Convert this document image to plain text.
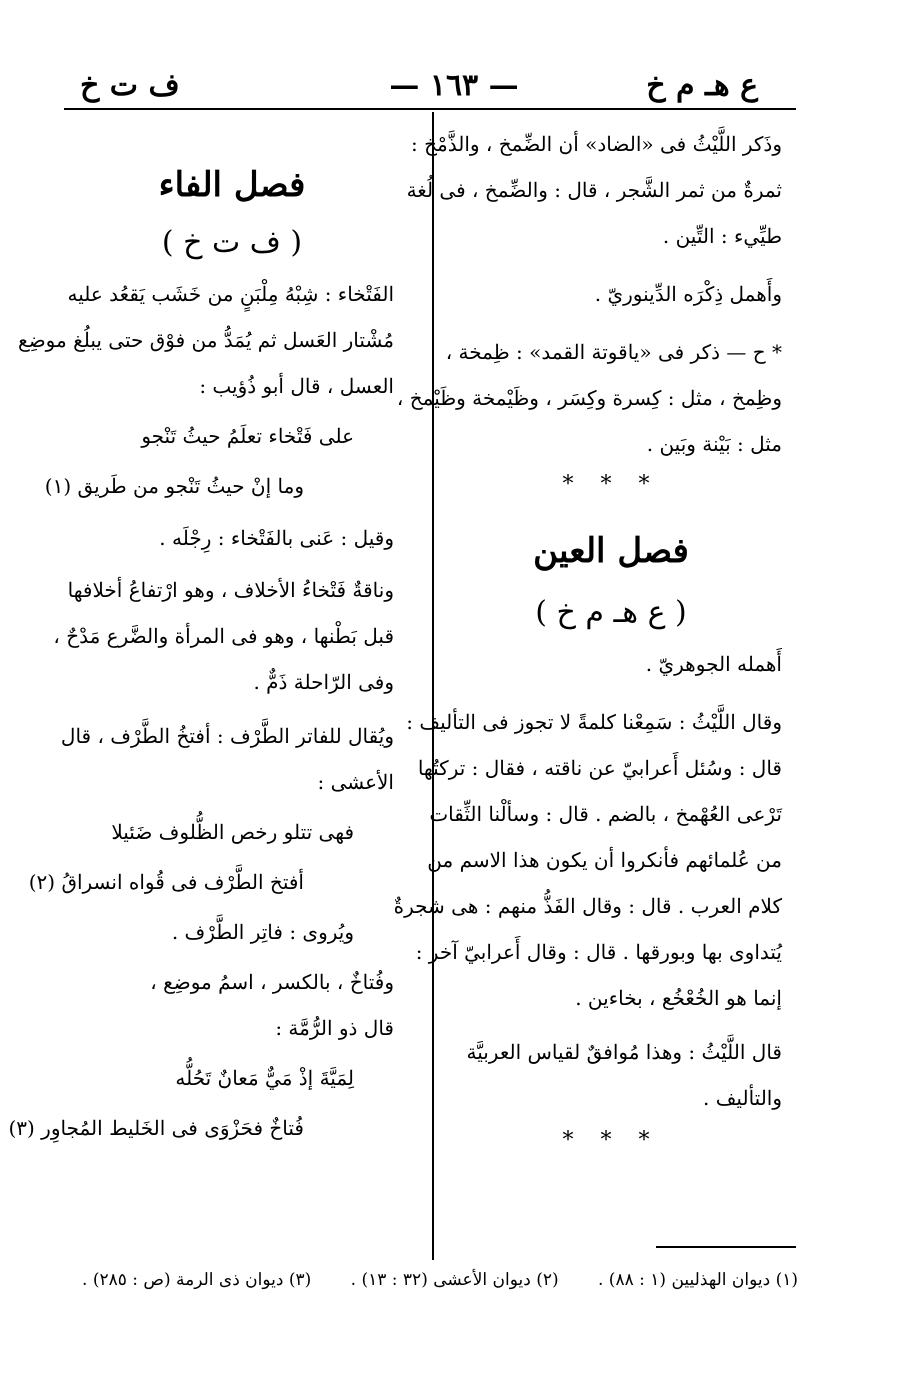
ف ت خ	— ١٦٣ —	ع هـ م خ
وذَكر اللَّيْثُ فى «الضاد» أن الضِّمخ ، والذَّمْخ :
ثمرةٌ من ثمر الشَّجر ، قال : والضِّمخ ، فى لُغة
طيِّيء : التِّين .
وأَهمل ذِكْرَه الدِّينوريّ .
* ح — ذكر فى «ياقوتة القمد» : ظِمخة ،
وظِمخ ، مثل : كِسرة وكِسَر ، وظَيْمخة وظَيْمخ ،
مثل : بَيْنة وبَين .
* * *
فصل العين
( ع هـ م خ )
أَهمله الجوهريّ .
وقال اللَّيْثُ : سَمِعْنا كلمةً لا تجوز فى التأليف :
قال : وسُئل أَعرابيّ عن ناقته ، فقال : تركتُها
تَرْعى العُهْمخ ، بالضم . قال : وسألْنا الثِّقات
من عُلمائهم فأنكروا أن يكون هذا الاسم من
كلام العرب . قال : وقال الفَذُّ منهم : هى شجرةٌ
يُتداوى بها وبورقها . قال : وقال أَعرابيّ آخر :
إنما هو الخُعْخُع ، بخاءين .
قال اللَّيْثُ : وهذا مُوافقٌ لقياس العربيَّة
والتأليف .
* * *
فصل الفاء
( ف ت خ )
الفَتْخاء : شِبْهُ مِلْبَنٍ من خَشَب يَقعُد عليه
مُشْتار العَسل ثم يُمَدُّ من فوْق حتى يبلُغ موضِع
العسل ، قال أبو ذُؤيب :
على فَتْخاء تعلَمُ حيثُ تَنْجو
وما إنْ حيثُ تَنْجو من طَريق (١)
وقيل : عَنى بالفَتْخاء : رِجْلَه .
وناقةٌ فَتْخاءُ الأخلاف ، وهو ارْتفاعُ أخلافها
قبل بَطْنها ، وهو فى المرأة والضَّرع مَدْحٌ ،
وفى الرّاحلة ذَمٌّ .
ويُقال للفاتر الطَّرْف : أفتخُ الطَّرْف ، قال
الأعشى :
فهى تتلو رخص الظُّلوف ضَئيلا
أفتخ الطَّرْف فى قُواه انسراقُ (٢)
ويُروى : فاتِر الطَّرْف .
وفُتاخٌ ، بالكسر ، اسمُ موضِع ،
قال ذو الرُّمَّة :
لِمَيَّةَ إذْ مَيٌّ مَعانٌ تَحُلُّه
فُتاخٌ فحَزْوَى فى الخَليط المُجاوِر (٣)
(١) ديوان الهذليين (١ : ٨٨) .
(٢) ديوان الأعشى (٣٢ : ١٣) .
(٣) ديوان ذى الرمة (ص : ٢٨٥) .
